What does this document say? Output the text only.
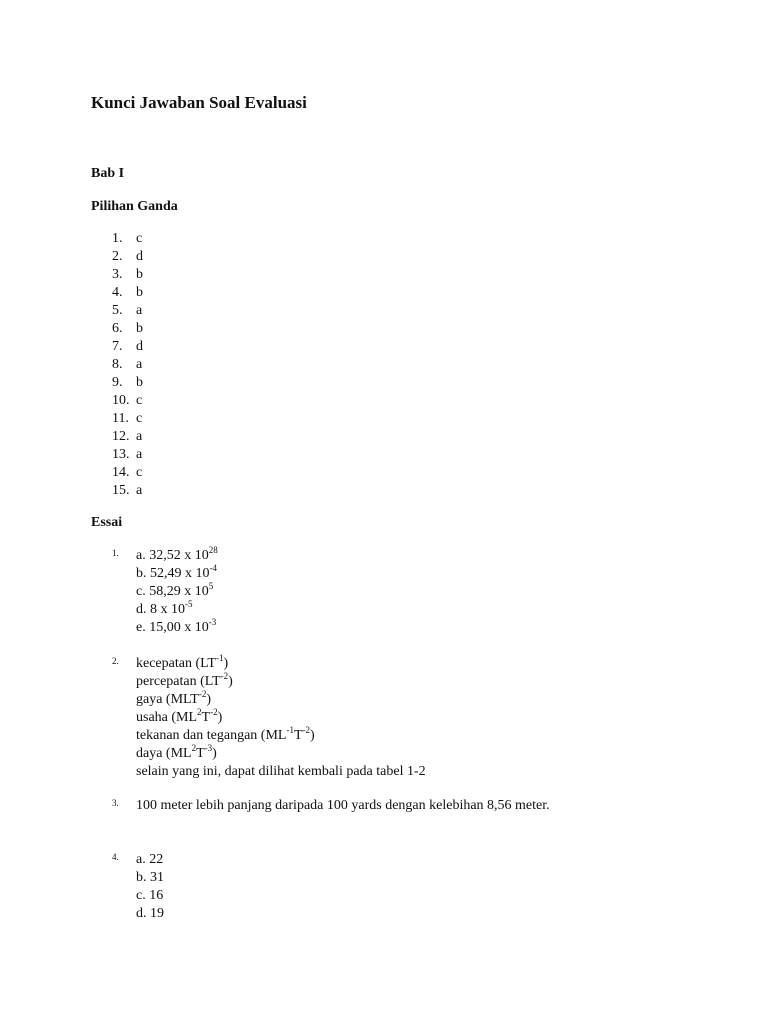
Kunci Jawaban Soal Evaluasi
Bab I
Pilihan Ganda
1. c
2. d
3. b
4. b
5. a
6. b
7. d
8. a
9. b
10. c
11. c
12. a
13. a
14. c
15. a
Essai
1. a. 32,52 x $10^{28}$
b. 52,49 x $10^{-4}$
c. 58,29 x $10^5$
d. 8 x $10^{-5}$
e. 15,00 x $10^{-3}$
2. kecepatan $(LT^{-1})$
percepatan $(LT^{-2})$
gaya $(MLT^{-2})$
usaha $(ML^2T^{-2})$
tekanan dan tegangan $(ML^{-1}T^{-2})$
daya $(ML^2T^{-3})$
selain yang ini, dapat dilihat kembali pada tabel 1-2
3. 100 meter lebih panjang daripada 100 yards dengan kelebihan 8,56 meter.
4. a. 22
b. 31
c. 16
d. 19
